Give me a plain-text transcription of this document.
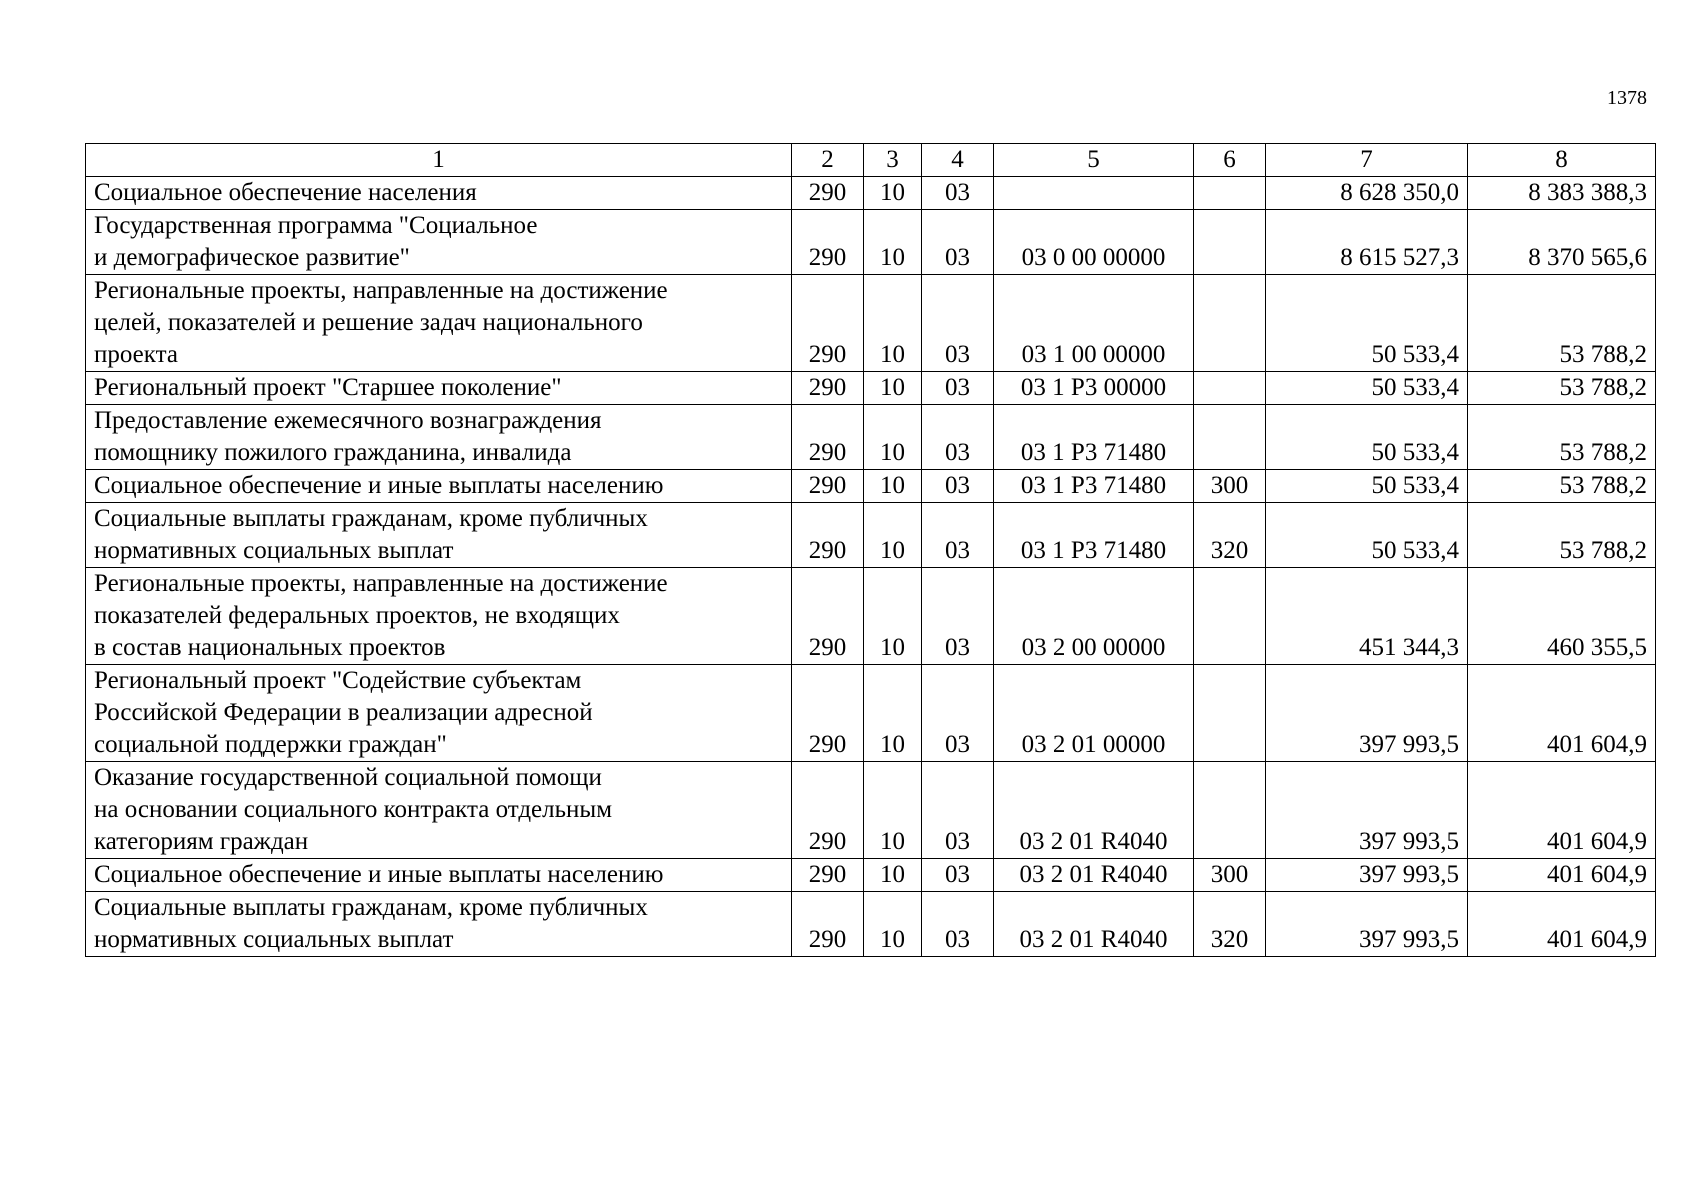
1378
1	2	3	4	5	6	7	8

Социальное обеспечение населения	290	10	03			8 628 350,0	8 383 388,3

Государственная программа "Социальное
и демографическое развитие"	290	10	03	03 0 00 00000		8 615 527,3	8 370 565,6

Региональные проекты, направленные на достижение
целей, показателей и решение задач национального
проекта	290	10	03	03 1 00 00000		50 533,4	53 788,2

Региональный проект "Старшее поколение"	290	10	03	03 1 Р3 00000		50 533,4	53 788,2

Предоставление ежемесячного вознаграждения
помощнику пожилого гражданина, инвалида	290	10	03	03 1 Р3 71480		50 533,4	53 788,2

Социальное обеспечение и иные выплаты населению	290	10	03	03 1 Р3 71480	300	50 533,4	53 788,2

Социальные выплаты гражданам, кроме публичных
нормативных социальных выплат	290	10	03	03 1 Р3 71480	320	50 533,4	53 788,2

Региональные проекты, направленные на достижение
показателей федеральных проектов, не входящих
в состав национальных проектов	290	10	03	03 2 00 00000		451 344,3	460 355,5

Региональный проект "Содействие субъектам
Российской Федерации в реализации адресной
социальной поддержки граждан"	290	10	03	03 2 01 00000		397 993,5	401 604,9

Оказание государственной социальной помощи
на основании социального контракта отдельным
категориям граждан	290	10	03	03 2 01 R4040		397 993,5	401 604,9

Социальное обеспечение и иные выплаты населению	290	10	03	03 2 01 R4040	300	397 993,5	401 604,9

Социальные выплаты гражданам, кроме публичных
нормативных социальных выплат	290	10	03	03 2 01 R4040	320	397 993,5	401 604,9
